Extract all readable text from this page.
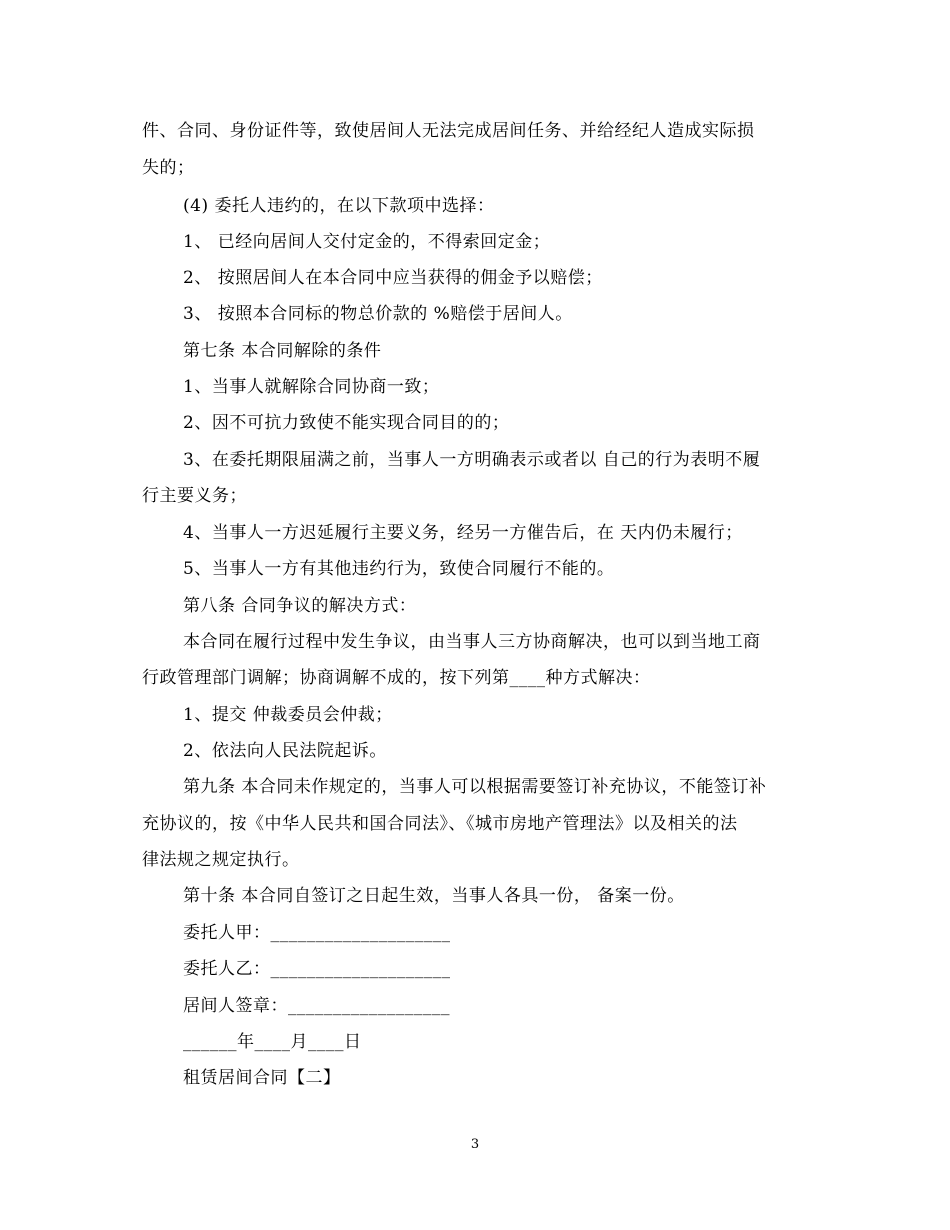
件、合同、身份证件等，致使居间人无法完成居间任务、并给经纪人造成实际损
失的；
(4) 委托人违约的，在以下款项中选择：
1、 已经向居间人交付定金的，不得索回定金；
2、 按照居间人在本合同中应当获得的佣金予以赔偿；
3、 按照本合同标的物总价款的 %赔偿于居间人。
第七条 本合同解除的条件
1、当事人就解除合同协商一致；
2、因不可抗力致使不能实现合同目的的；
3、在委托期限届满之前，当事人一方明确表示或者以 自己的行为表明不履
行主要义务；
4、当事人一方迟延履行主要义务，经另一方催告后，在 天内仍未履行；
5、当事人一方有其他违约行为，致使合同履行不能的。
第八条 合同争议的解决方式：
本合同在履行过程中发生争议，由当事人三方协商解决，也可以到当地工商
行政管理部门调解；协商调解不成的，按下列第____种方式解决：
1、提交 仲裁委员会仲裁；
2、依法向人民法院起诉。
第九条 本合同未作规定的，当事人可以根据需要签订补充协议，不能签订补
充协议的，按《中华人民共和国合同法》、《城市房地产管理法》以及相关的法
律法规之规定执行。
第十条 本合同自签订之日起生效，当事人各具一份， 备案一份。
委托人甲：____________________
委托人乙：____________________
居间人签章：__________________
______年____月____日
租赁居间合同【二】
3
